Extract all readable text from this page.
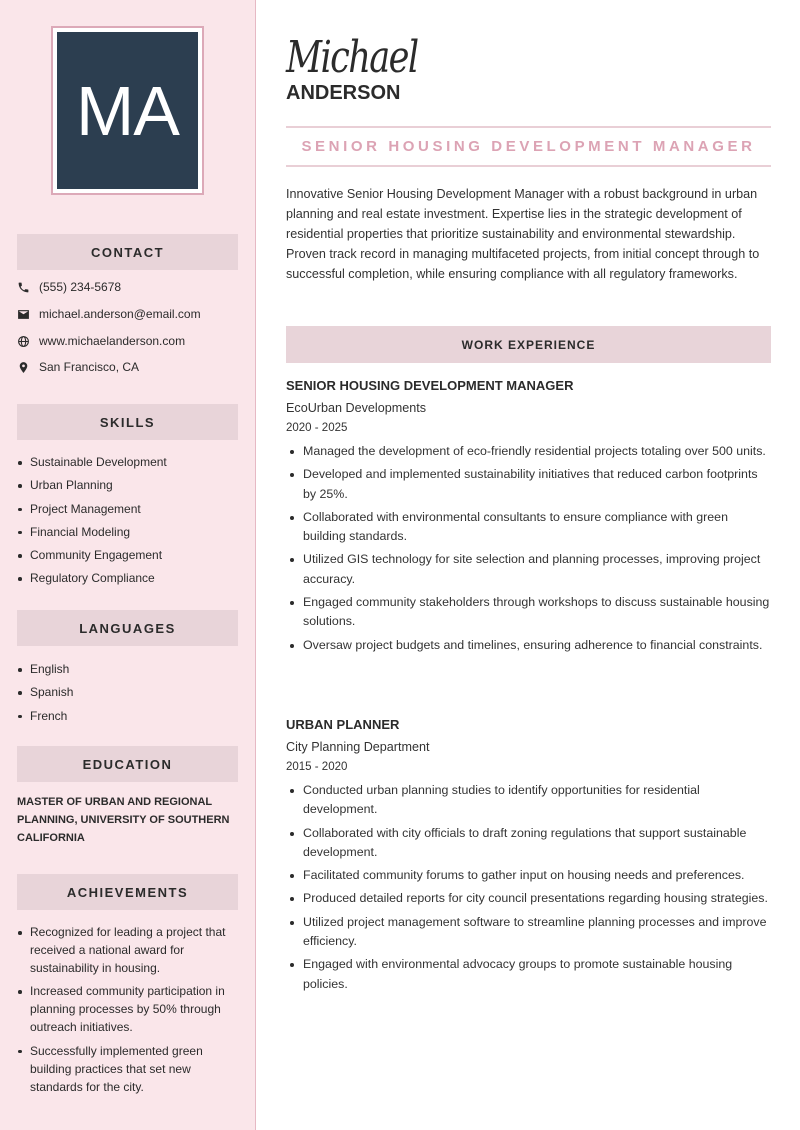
MA
CONTACT
(555) 234-5678
michael.anderson@email.com
www.michaelanderson.com
San Francisco, CA
SKILLS
Sustainable Development
Urban Planning
Project Management
Financial Modeling
Community Engagement
Regulatory Compliance
LANGUAGES
English
Spanish
French
EDUCATION
MASTER OF URBAN AND REGIONAL PLANNING, UNIVERSITY OF SOUTHERN CALIFORNIA
ACHIEVEMENTS
Recognized for leading a project that received a national award for sustainability in housing.
Increased community participation in planning processes by 50% through outreach initiatives.
Successfully implemented green building practices that set new standards for the city.
Michael
ANDERSON
SENIOR HOUSING DEVELOPMENT MANAGER
Innovative Senior Housing Development Manager with a robust background in urban planning and real estate investment. Expertise lies in the strategic development of residential properties that prioritize sustainability and environmental stewardship. Proven track record in managing multifaceted projects, from initial concept through to successful completion, while ensuring compliance with all regulatory frameworks.
WORK EXPERIENCE
SENIOR HOUSING DEVELOPMENT MANAGER
EcoUrban Developments
2020 - 2025
Managed the development of eco-friendly residential projects totaling over 500 units.
Developed and implemented sustainability initiatives that reduced carbon footprints by 25%.
Collaborated with environmental consultants to ensure compliance with green building standards.
Utilized GIS technology for site selection and planning processes, improving project accuracy.
Engaged community stakeholders through workshops to discuss sustainable housing solutions.
Oversaw project budgets and timelines, ensuring adherence to financial constraints.
URBAN PLANNER
City Planning Department
2015 - 2020
Conducted urban planning studies to identify opportunities for residential development.
Collaborated with city officials to draft zoning regulations that support sustainable development.
Facilitated community forums to gather input on housing needs and preferences.
Produced detailed reports for city council presentations regarding housing strategies.
Utilized project management software to streamline planning processes and improve efficiency.
Engaged with environmental advocacy groups to promote sustainable housing policies.
